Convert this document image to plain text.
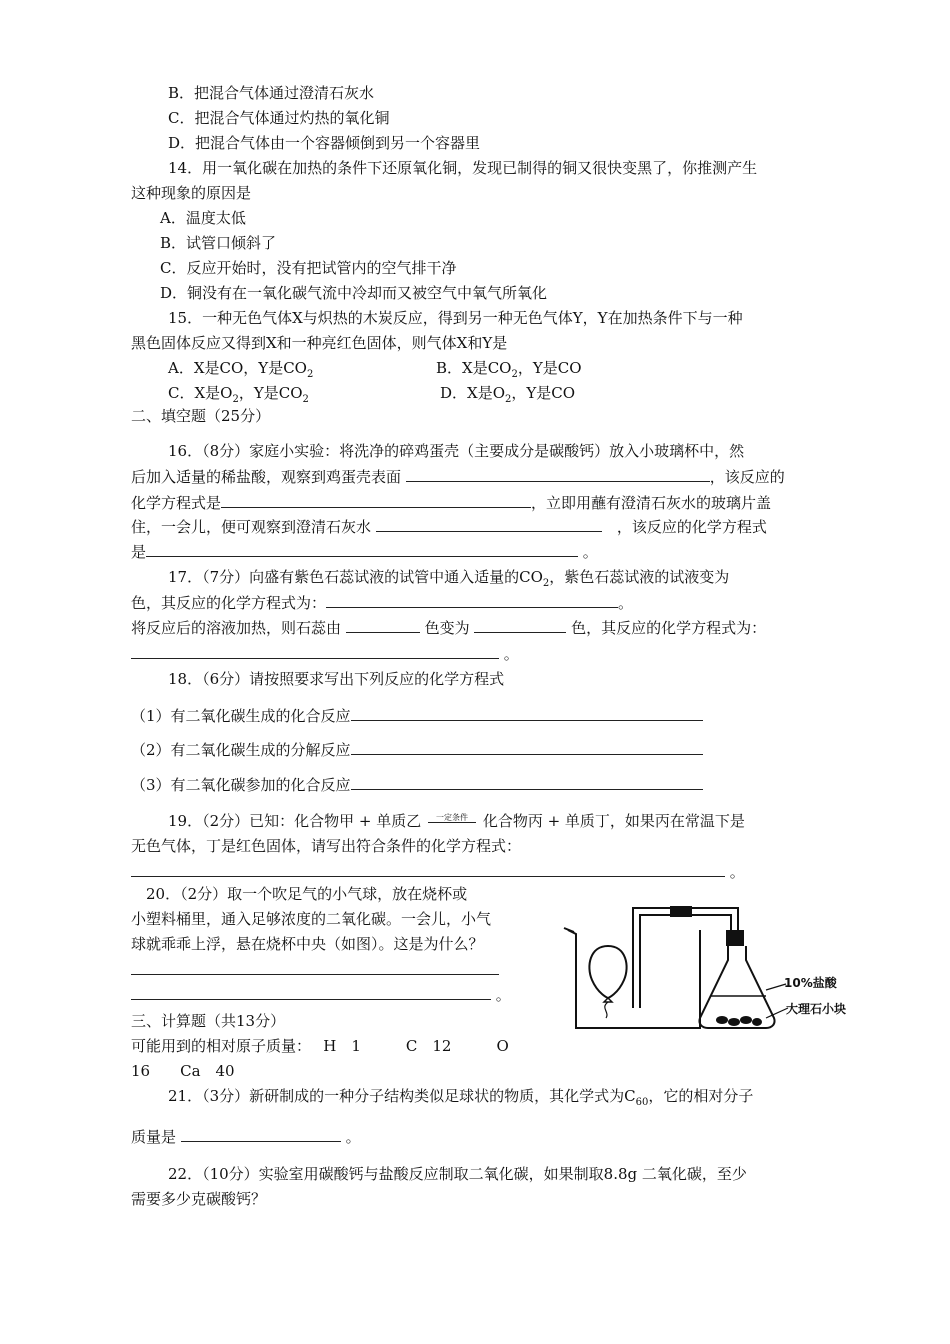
B．把混合气体通过澄清石灰水
C．把混合气体通过灼热的氧化铜
D．把混合气体由一个容器倾倒到另一个容器里
14．用一氧化碳在加热的条件下还原氧化铜，发现已制得的铜又很快变黑了，你推测产生
这种现象的原因是
A．温度太低
B．试管口倾斜了
C．反应开始时，没有把试管内的空气排干净
D．铜没有在一氧化碳气流中冷却而又被空气中氧气所氧化
15．一种无色气体X与炽热的木炭反应，得到另一种无色气体Y，Y在加热条件下与一种
黑色固体反应又得到X和一种亮红色固体，则气体X和Y是
A．X是CO，Y是$CO_2$	B．X是$CO_2$，Y是CO
C．X是$O_2$，Y是$CO_2$	D．X是$O_2$，Y是CO
二、填空题（25分）
16．（8分）家庭小实验：将洗净的碎鸡蛋壳（主要成分是碳酸钙）放入小玻璃杯中，然
后加入适量的稀盐酸，观察到鸡蛋壳表面	，该反应的
化学方程式是	，立即用蘸有澄清石灰水的玻璃片盖
住，一会儿，便可观察到澄清石灰水 　	，该反应的化学方程式
是	。
17．（7分）向盛有紫色石蕊试液的试管中通入适量的$CO_2$，紫色石蕊试液的试液变为
色，其反应的化学方程式为：	。
将反应后的溶液加热，则石蕊由	色变为	色，其反应的化学方程式为：
。
18．（6分）请按照要求写出下列反应的化学方程式
（1）有二氧化碳生成的化合反应
（2）有二氧化碳生成的分解反应
（3）有二氧化碳参加的化合反应
19．（2分）已知：化合物甲 + 单质乙	一定条件 化合物丙 + 单质丁，如果丙在常温下是
无色气体，丁是红色固体，请写出符合条件的化学方程式：
。
20．（2分）取一个吹足气的小气球，放在烧杯或
小塑料桶里，通入足够浓度的二氧化碳。一会儿，小气
球就乖乖上浮，悬在烧杯中央（如图）。这是为什么？
。
10%盐酸
大理石小块
三、计算题（共13分）
可能用到的相对原子质量：　 H　1　　　C　12　　　O
16　　Ca　40
21．（3分）新研制成的一种分子结构类似足球状的物质，其化学式为$C_{60}$，它的相对分子
质量是	。
22．（10分）实验室用碳酸钙与盐酸反应制取二氧化碳，如果制取8.8g 二氧化碳，至少
需要多少克碳酸钙？
